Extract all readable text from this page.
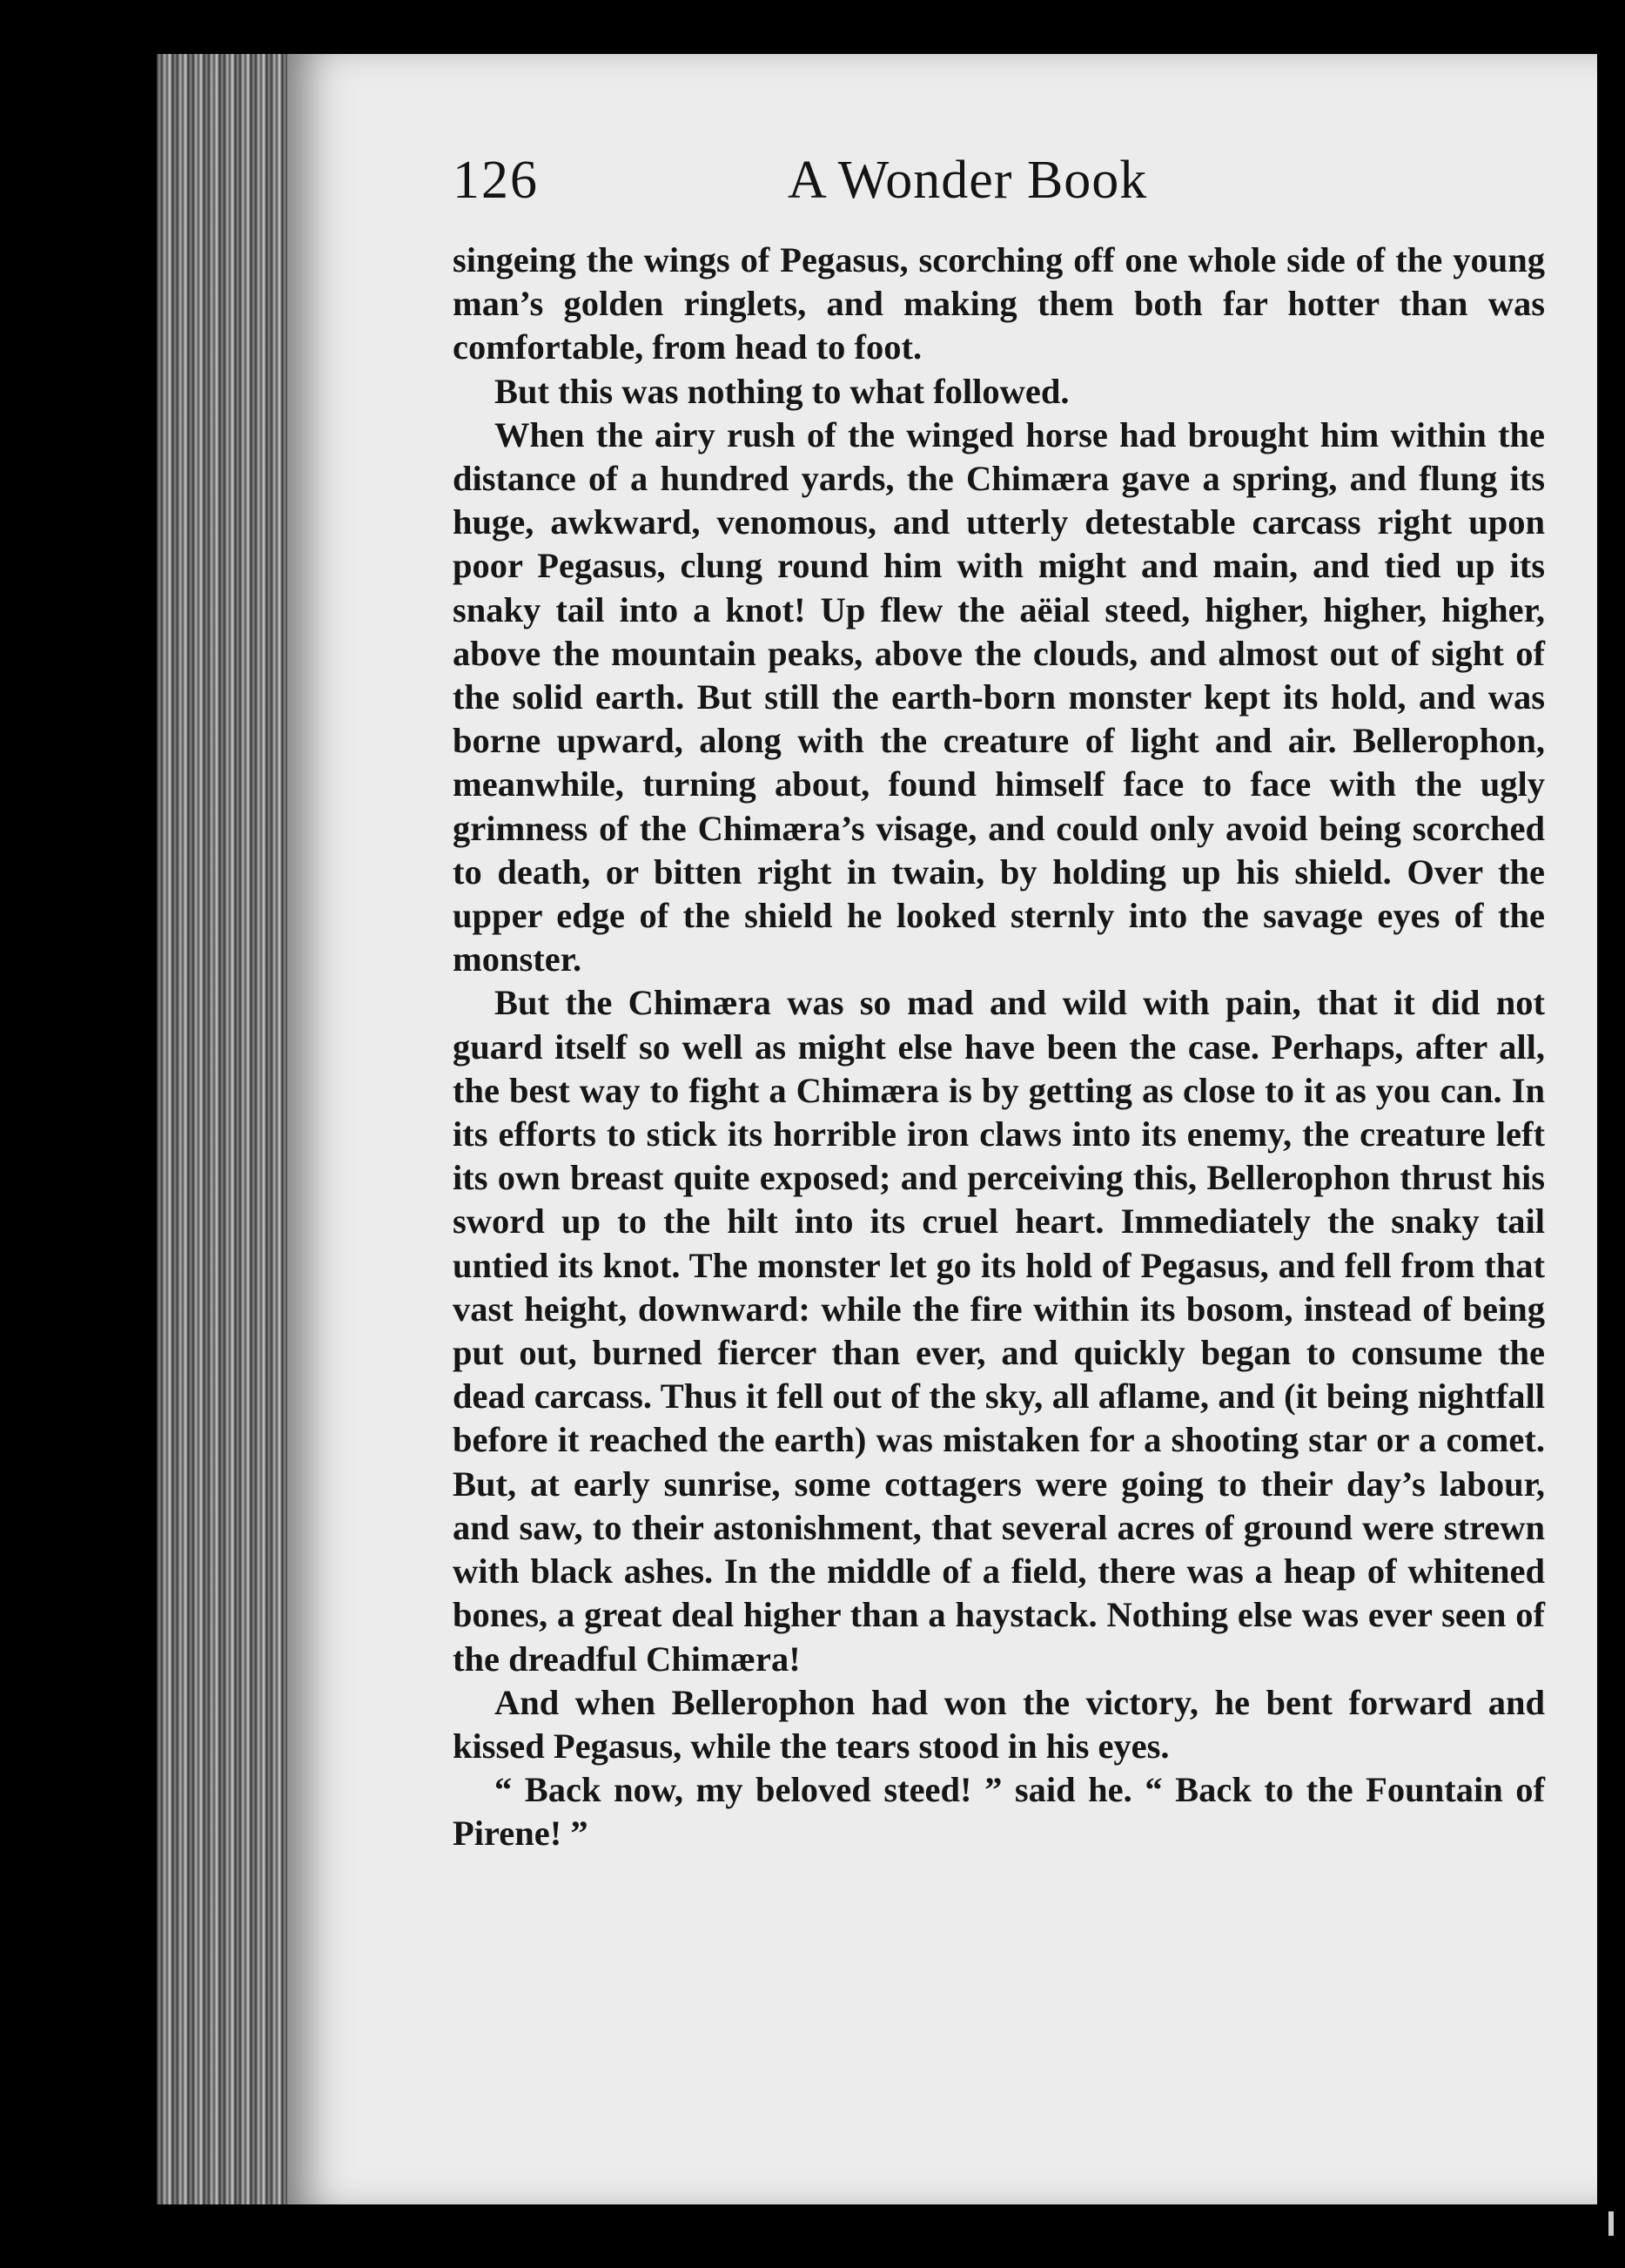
126	A Wonder Book

singeing the wings of Pegasus, scorching off one whole side of the young man’s golden ringlets, and making them both far hotter than was comfortable, from head to foot.

But this was nothing to what followed.

When the airy rush of the winged horse had brought him within the distance of a hundred yards, the Chimæra gave a spring, and flung its huge, awkward, venomous, and utterly detestable carcass right upon poor Pegasus, clung round him with might and main, and tied up its snaky tail into a knot! Up flew the aëial steed, higher, higher, higher, above the mountain peaks, above the clouds, and almost out of sight of the solid earth. But still the earth-born monster kept its hold, and was borne upward, along with the creature of light and air. Bellerophon, meanwhile, turning about, found himself face to face with the ugly grimness of the Chimæra’s visage, and could only avoid being scorched to death, or bitten right in twain, by holding up his shield. Over the upper edge of the shield he looked sternly into the savage eyes of the monster.

But the Chimæra was so mad and wild with pain, that it did not guard itself so well as might else have been the case. Perhaps, after all, the best way to fight a Chimæra is by getting as close to it as you can. In its efforts to stick its horrible iron claws into its enemy, the creature left its own breast quite exposed; and perceiving this, Bellerophon thrust his sword up to the hilt into its cruel heart. Immediately the snaky tail untied its knot. The monster let go its hold of Pegasus, and fell from that vast height, downward: while the fire within its bosom, instead of being put out, burned fiercer than ever, and quickly began to consume the dead carcass. Thus it fell out of the sky, all aflame, and (it being nightfall before it reached the earth) was mistaken for a shooting star or a comet. But, at early sunrise, some cottagers were going to their day’s labour, and saw, to their astonishment, that several acres of ground were strewn with black ashes. In the middle of a field, there was a heap of whitened bones, a great deal higher than a haystack. Nothing else was ever seen of the dreadful Chimæra!

And when Bellerophon had won the victory, he bent forward and kissed Pegasus, while the tears stood in his eyes.

“ Back now, my beloved steed! ” said he. “ Back to the Fountain of Pirene! ”
